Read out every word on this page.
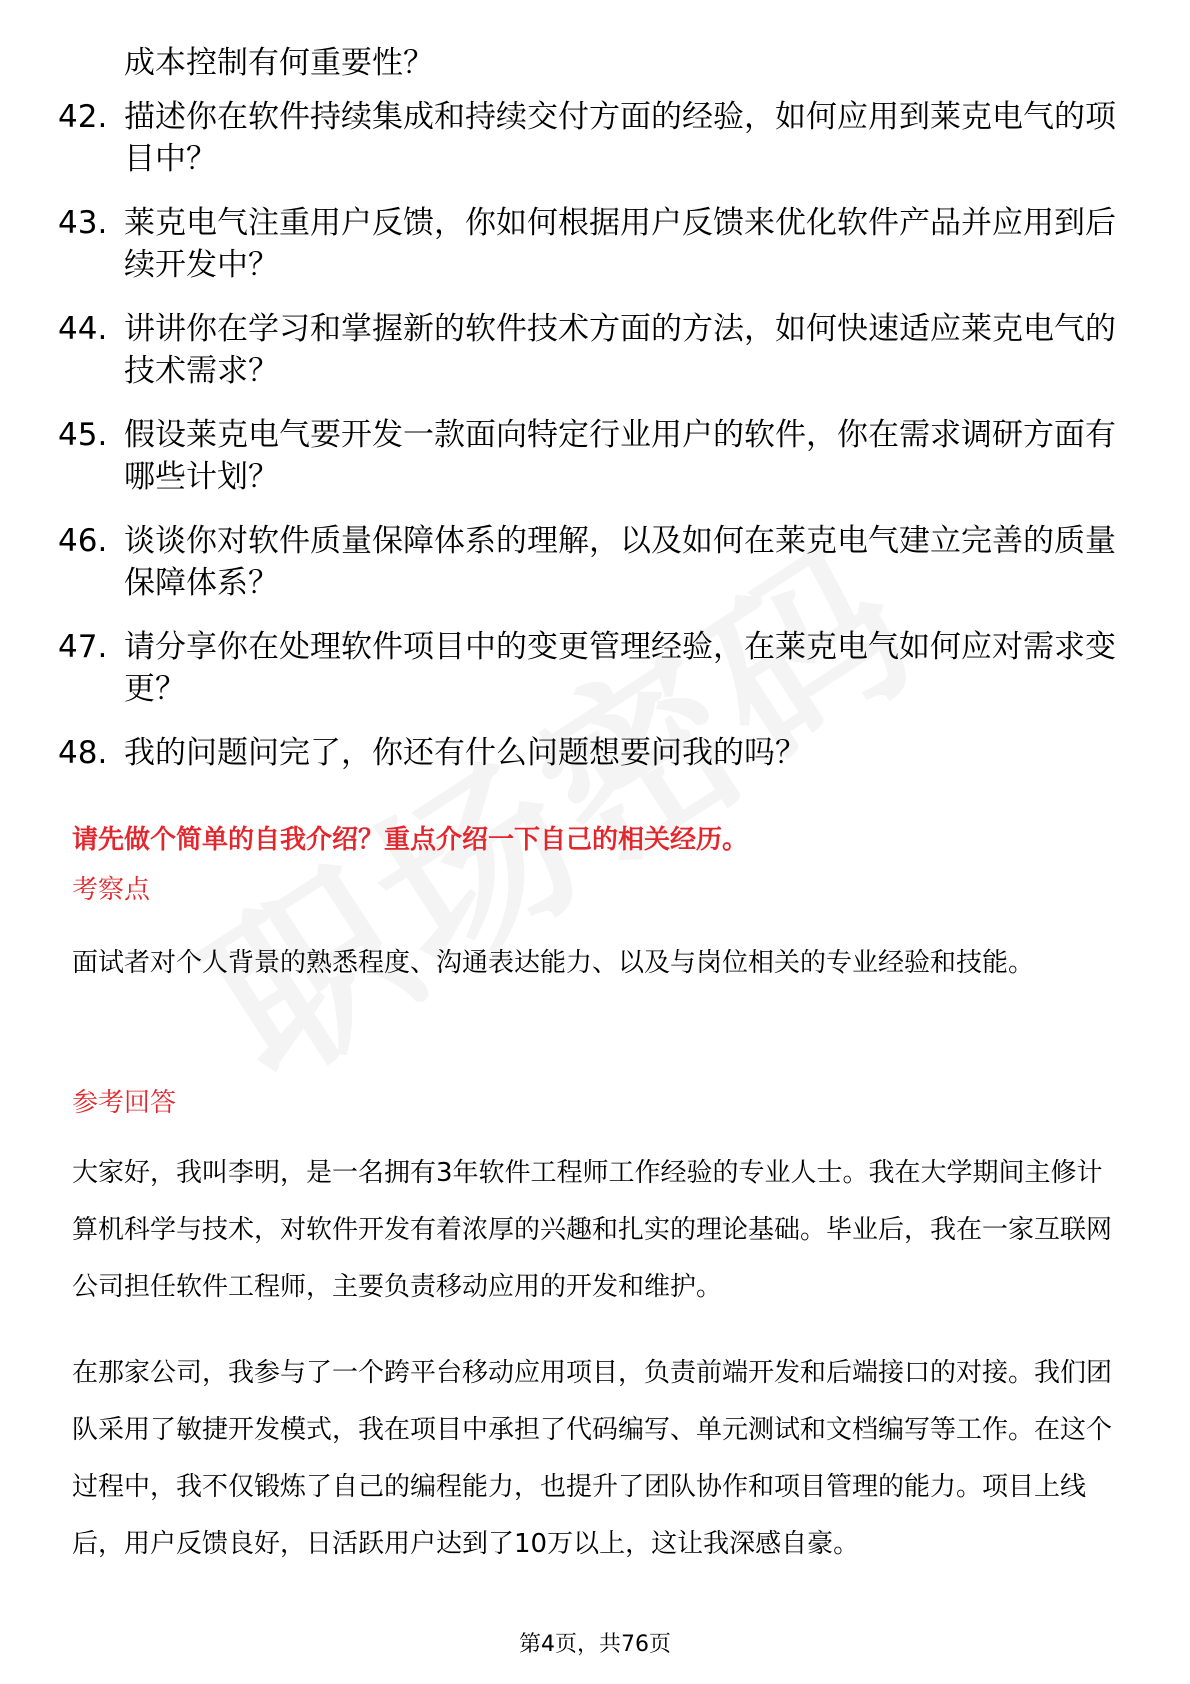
成本控制有何重要性？
42. 描述你在软件持续集成和持续交付方面的经验，如何应用到莱克电气的项目中？
43. 莱克电气注重用户反馈，你如何根据用户反馈来优化软件产品并应用到后续开发中？
44. 讲讲你在学习和掌握新的软件技术方面的方法，如何快速适应莱克电气的技术需求？
45. 假设莱克电气要开发一款面向特定行业用户的软件，你在需求调研方面有哪些计划？
46. 谈谈你对软件质量保障体系的理解，以及如何在莱克电气建立完善的质量保障体系？
47. 请分享你在处理软件项目中的变更管理经验，在莱克电气如何应对需求变更？
48. 我的问题问完了，你还有什么问题想要问我的吗？
请先做个简单的自我介绍？重点介绍一下自己的相关经历。
考察点
面试者对个人背景的熟悉程度、沟通表达能力、以及与岗位相关的专业经验和技能。
参考回答
大家好，我叫李明，是一名拥有3年软件工程师工作经验的专业人士。我在大学期间主修计算机科学与技术，对软件开发有着浓厚的兴趣和扎实的理论基础。毕业后，我在一家互联网公司担任软件工程师，主要负责移动应用的开发和维护。
在那家公司，我参与了一个跨平台移动应用项目，负责前端开发和后端接口的对接。我们团队采用了敏捷开发模式，我在项目中承担了代码编写、单元测试和文档编写等工作。在这个过程中，我不仅锻炼了自己的编程能力，也提升了团队协作和项目管理的能力。项目上线后，用户反馈良好，日活跃用户达到了10万以上，这让我深感自豪。
第4页，共76页
